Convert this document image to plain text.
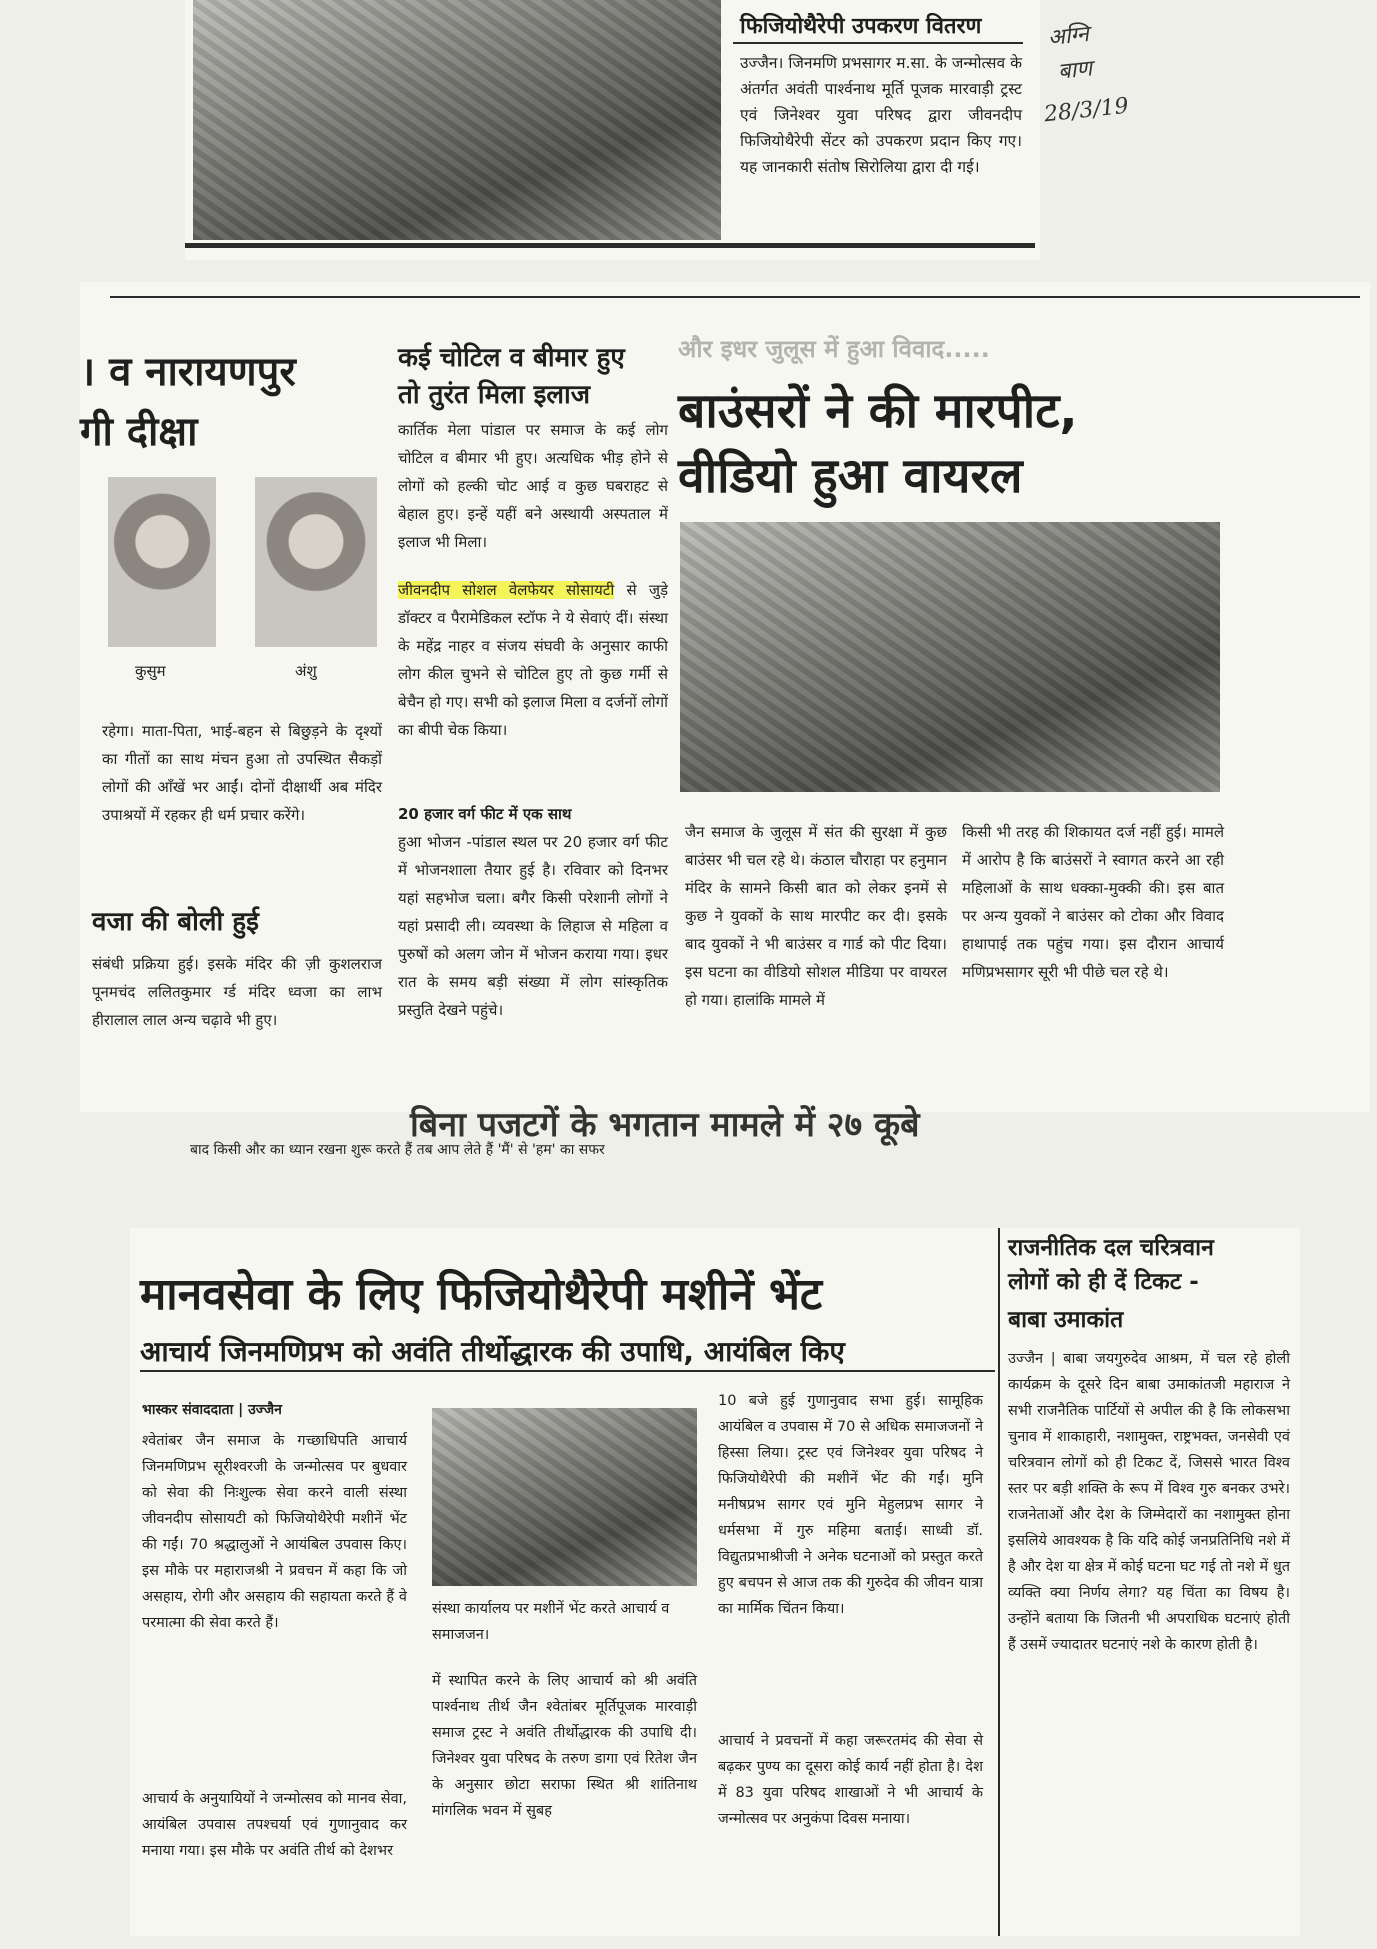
फिजियोथैरेपी उपकरण वितरण

उज्जैन। जिनमणि प्रभसागर म.सा. के जन्मोत्सव के अंतर्गत अवंती पार्श्वनाथ मूर्ति पूजक मारवाड़ी ट्रस्ट एवं जिनेश्वर युवा परिषद द्वारा जीवनदीप फिजियोथैरेपी सेंटर को उपकरण प्रदान किए गए। यह जानकारी संतोष सिरोलिया द्वारा दी गई।

अग्नि
बाण
28/3/19

। व नारायणपुर

गी दीक्षा

कुसुम	अंशु

रहेगा। माता-पिता, भाई-बहन से बिछुड़ने के दृश्यों का गीतों का साथ मंचन हुआ तो उपस्थित सैकड़ों लोगों की आँखें भर आईं। दोनों दीक्षार्थी अब मंदिर उपाश्रयों में रहकर ही धर्म प्रचार करेंगे।

वजा की बोली हुई

संबंधी प्रक्रिया हुई। इसके मंदिर की ज़ी कुशलराज पूनमचंद ललितकुमार र्ग्ड मंदिर ध्वजा का लाभ हीरालाल लाल अन्य चढ़ावे भी हुए।

कई चोटिल व बीमार हुए

तो तुरंत मिला इलाज

कार्तिक मेला पांडाल पर समाज के कई लोग चोटिल व बीमार भी हुए। अत्यधिक भीड़ होने से लोगों को हल्की चोट आई व कुछ घबराहट से बेहाल हुए। इन्हें यहीं बने अस्थायी अस्पताल में इलाज भी मिला।

जीवनदीप सोशल वेलफेयर सोसायटी से जुड़े डॉक्टर व पैरामेडिकल स्टॉफ ने ये सेवाएं दीं। संस्था के महेंद्र नाहर व संजय संघवी के अनुसार काफी लोग कील चुभने से चोटिल हुए तो कुछ गर्मी से बेचैन हो गए। सभी को इलाज मिला व दर्जनों लोगों का बीपी चेक किया।

20 हजार वर्ग फीट में एक साथ

हुआ भोजन -पांडाल स्थल पर 20 हजार वर्ग फीट में भोजनशाला तैयार हुई है। रविवार को दिनभर यहां सहभोज चला। बगैर किसी परेशानी लोगों ने यहां प्रसादी ली। व्यवस्था के लिहाज से महिला व पुरुषों को अलग जोन में भोजन कराया गया। इधर रात के समय बड़ी संख्या में लोग सांस्कृतिक प्रस्तुति देखने पहुंचे।

और इधर जुलूस में हुआ विवाद.....

बाउंसरों ने की मारपीट,

वीडियो हुआ वायरल

जैन समाज के जुलूस में संत की सुरक्षा में कुछ बाउंसर भी चल रहे थे। कंठाल चौराहा पर हनुमान मंदिर के सामने किसी बात को लेकर इनमें से कुछ ने युवकों के साथ मारपीट कर दी। इसके बाद युवकों ने भी बाउंसर व गार्ड को पीट दिया। इस घटना का वीडियो सोशल मीडिया पर वायरल हो गया। हालांकि मामले में

किसी भी तरह की शिकायत दर्ज नहीं हुई। मामले में आरोप है कि बाउंसरों ने स्वागत करने आ रही महिलाओं के साथ धक्का-मुक्की की। इस बात पर अन्य युवकों ने बाउंसर को टोका और विवाद हाथापाई तक पहुंच गया। इस दौरान आचार्य मणिप्रभसागर सूरी भी पीछे चल रहे थे।

बिना पजटगें के भगतान मामले में २७ कूबे

बाद किसी और का ध्यान रखना शुरू करते हैं तब आप लेते हैं 'मैं' से 'हम' का सफर

मानवसेवा के लिए फिजियोथैरेपी मशीनें भेंट

आचार्य जिनमणिप्रभ को अवंति तीर्थोद्धारक की उपाधि, आयंबिल किए

भास्कर संवाददाता | उज्जैन

श्वेतांबर जैन समाज के गच्छाधिपति आचार्य जिनमणिप्रभ सूरीश्वरजी के जन्मोत्सव पर बुधवार को सेवा की निःशुल्क सेवा करने वाली संस्था जीवनदीप सोसायटी को फिजियोथैरेपी मशीनें भेंट की गईं। 70 श्रद्धालुओं ने आयंबिल उपवास किए। इस मौके पर महाराजश्री ने प्रवचन में कहा कि जो असहाय, रोगी और असहाय की सहायता करते हैं वे परमात्मा की सेवा करते हैं।

आचार्य के अनुयायियों ने जन्मोत्सव को मानव सेवा, आयंबिल उपवास तपश्चर्या एवं गुणानुवाद कर मनाया गया। इस मौके पर अवंति तीर्थ को देशभर

संस्था कार्यालय पर मशीनें भेंट करते आचार्य व समाजजन।

में स्थापित करने के लिए आचार्य को श्री अवंति पार्श्वनाथ तीर्थ जैन श्वेतांबर मूर्तिपूजक मारवाड़ी समाज ट्रस्ट ने अवंति तीर्थोद्धारक की उपाधि दी। जिनेश्वर युवा परिषद के तरुण डागा एवं रितेश जैन के अनुसार छोटा सराफा स्थित श्री शांतिनाथ मांगलिक भवन में सुबह

10 बजे हुई गुणानुवाद सभा हुई। सामूहिक आयंबिल व उपवास में 70 से अधिक समाजजनों ने हिस्सा लिया। ट्रस्ट एवं जिनेश्वर युवा परिषद ने फिजियोथैरेपी की मशीनें भेंट की गईं। मुनि मनीषप्रभ सागर एवं मुनि मेहुलप्रभ सागर ने धर्मसभा में गुरु महिमा बताई। साध्वी डॉ. विद्युतप्रभाश्रीजी ने अनेक घटनाओं को प्रस्तुत करते हुए बचपन से आज तक की गुरुदेव की जीवन यात्रा का मार्मिक चिंतन किया।

आचार्य ने प्रवचनों में कहा जरूरतमंद की सेवा से बढ़कर पुण्य का दूसरा कोई कार्य नहीं होता है। देश में 83 युवा परिषद शाखाओं ने भी आचार्य के जन्मोत्सव पर अनुकंपा दिवस मनाया।

राजनीतिक दल चरित्रवान

लोगों को ही दें टिकट -

बाबा उमाकांत

उज्जैन | बाबा जयगुरुदेव आश्रम, में चल रहे होली कार्यक्रम के दूसरे दिन बाबा उमाकांतजी महाराज ने सभी राजनैतिक पार्टियों से अपील की है कि लोकसभा चुनाव में शाकाहारी, नशामुक्त, राष्ट्रभक्त, जनसेवी एवं चरित्रवान लोगों को ही टिकट दें, जिससे भारत विश्व स्तर पर बड़ी शक्ति के रूप में विश्व गुरु बनकर उभरे। राजनेताओं और देश के जिम्मेदारों का नशामुक्त होना इसलिये आवश्यक है कि यदि कोई जनप्रतिनिधि नशे में है और देश या क्षेत्र में कोई घटना घट गई तो नशे में धुत व्यक्ति क्या निर्णय लेगा? यह चिंता का विषय है। उन्होंने बताया कि जितनी भी अपराधिक घटनाएं होती हैं उसमें ज्यादातर घटनाएं नशे के कारण होती है।
